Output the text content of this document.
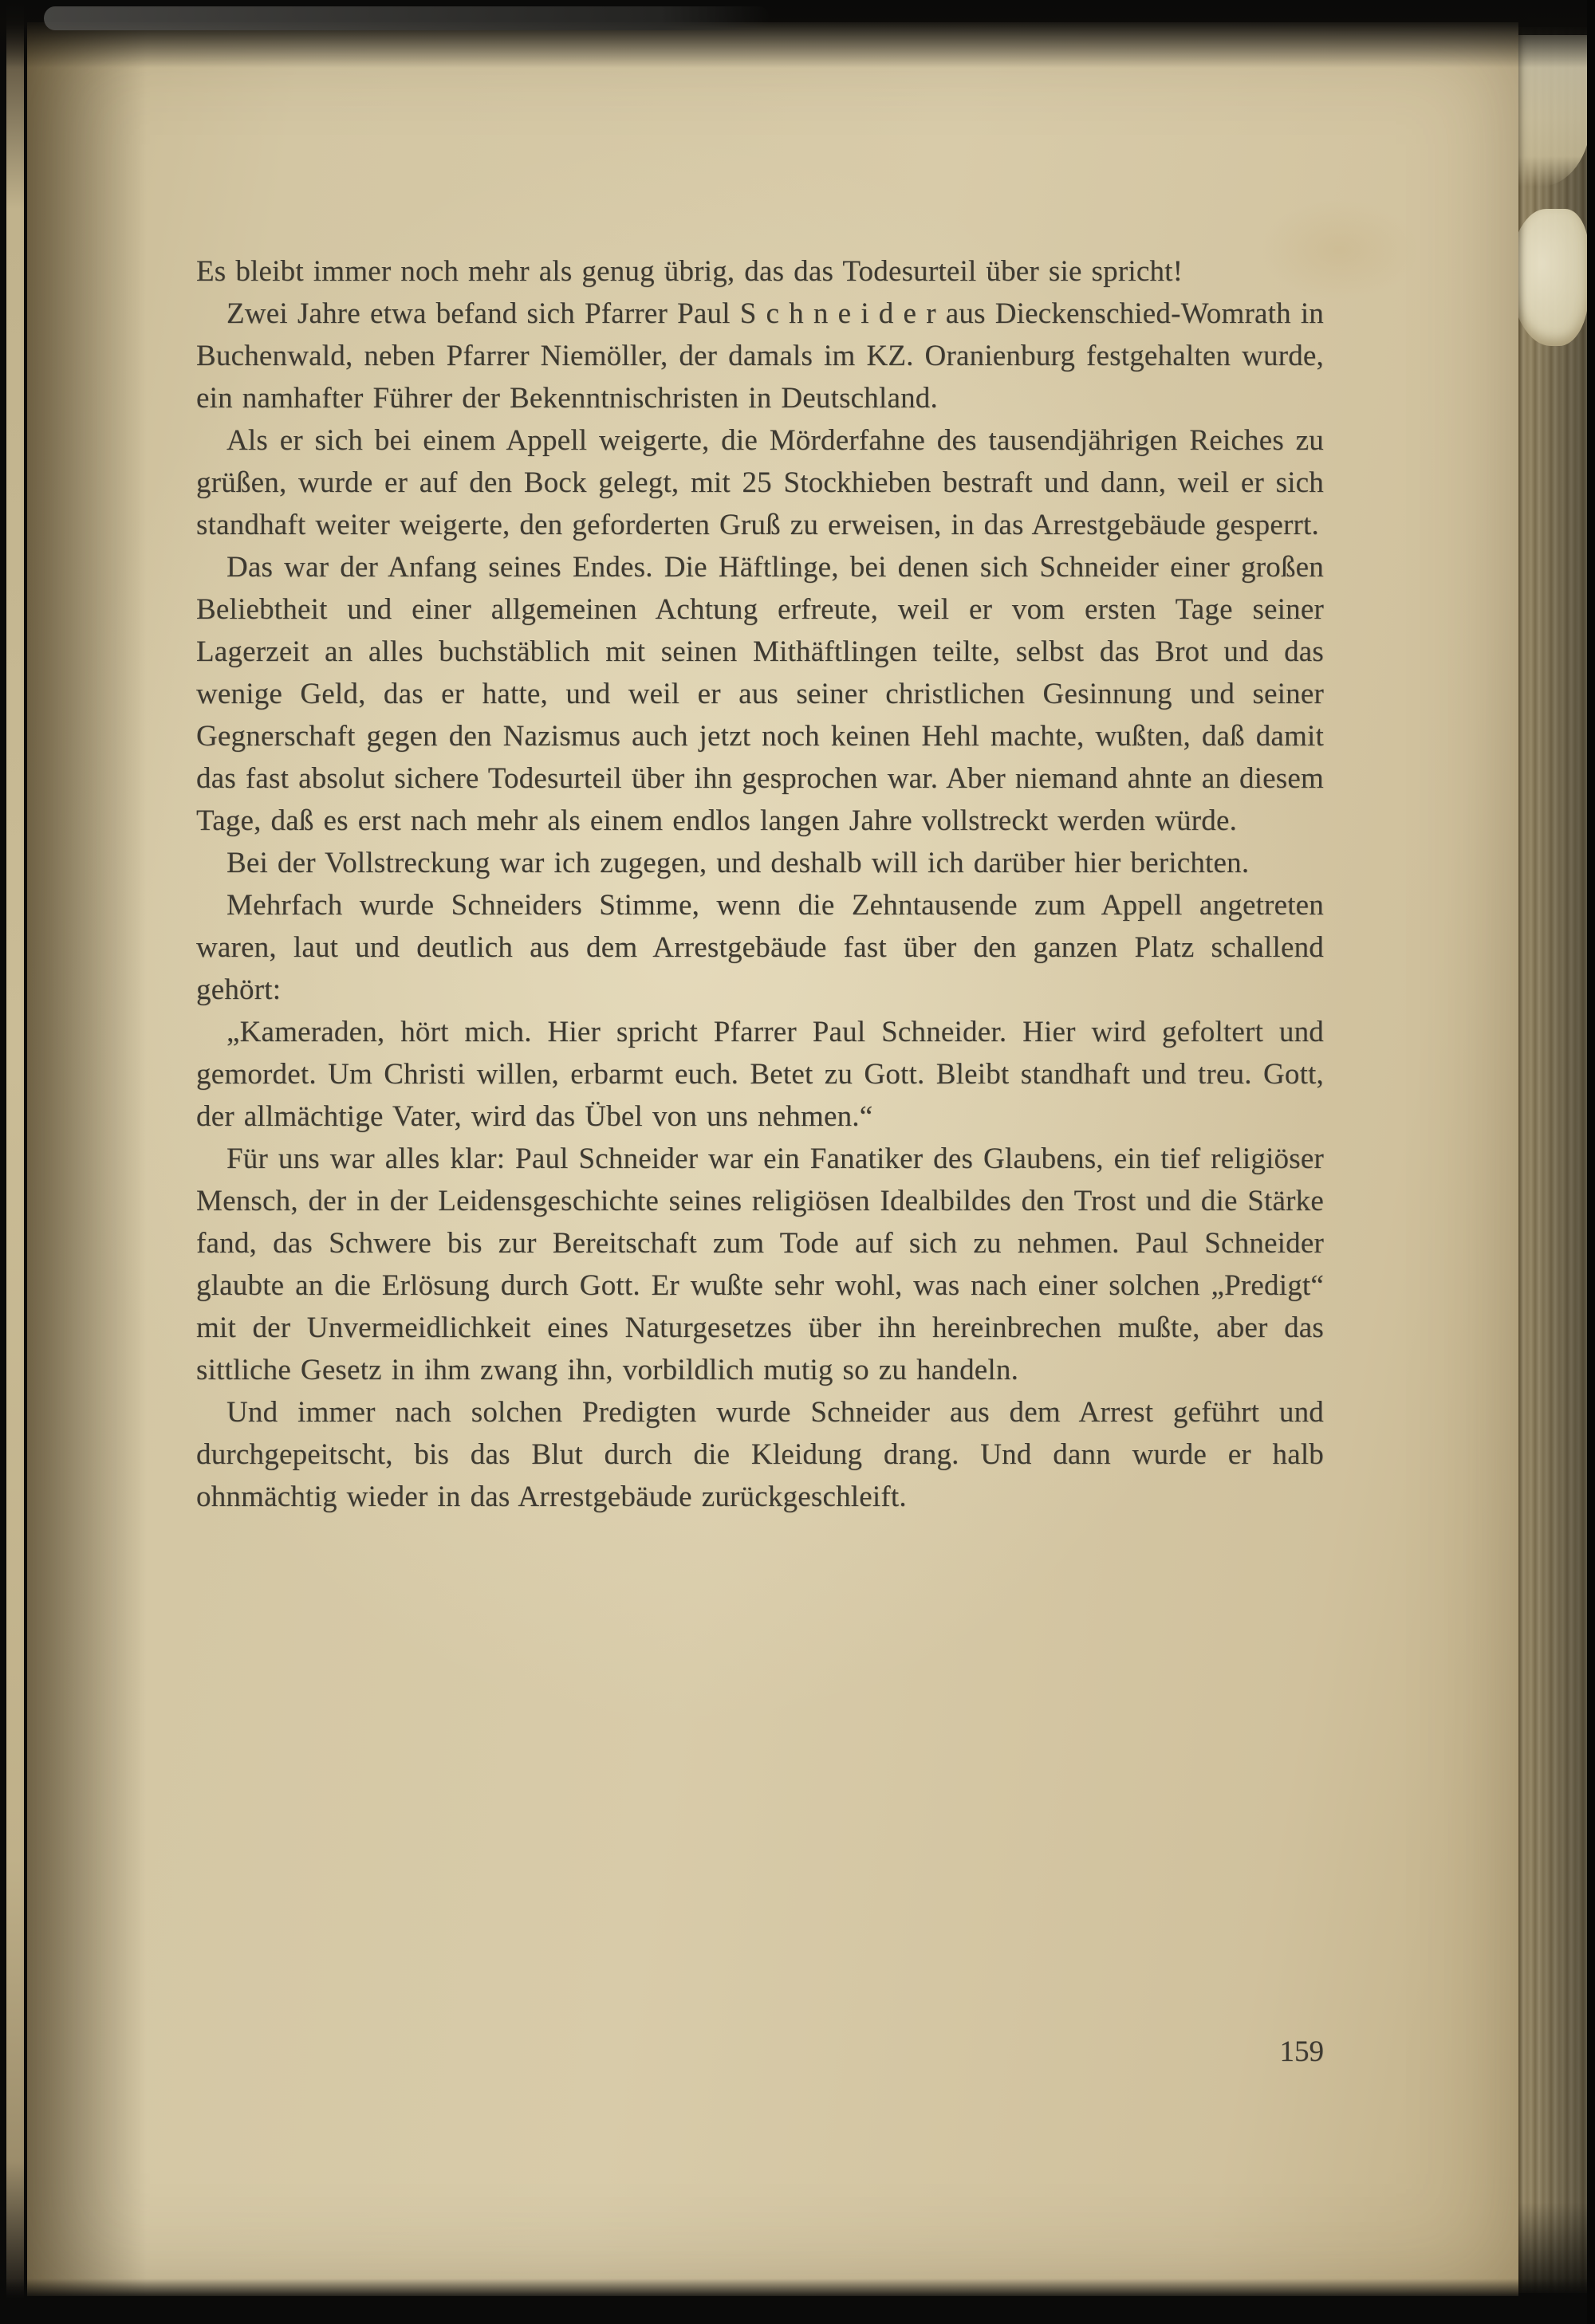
Es bleibt immer noch mehr als genug übrig, das das Todesurteil über sie spricht!

Zwei Jahre etwa befand sich Pfarrer Paul S c h n e i d e r aus Dieckenschied-Womrath in Buchenwald, neben Pfarrer Niemöller, der damals im KZ. Oranienburg festgehalten wurde, ein namhafter Führer der Bekenntnischristen in Deutschland.

Als er sich bei einem Appell weigerte, die Mörderfahne des tausendjährigen Reiches zu grüßen, wurde er auf den Bock gelegt, mit 25 Stockhieben bestraft und dann, weil er sich standhaft weiter weigerte, den geforderten Gruß zu erweisen, in das Arrestgebäude gesperrt.

Das war der Anfang seines Endes. Die Häftlinge, bei denen sich Schneider einer großen Beliebtheit und einer allgemeinen Achtung erfreute, weil er vom ersten Tage seiner Lagerzeit an alles buchstäblich mit seinen Mithäftlingen teilte, selbst das Brot und das wenige Geld, das er hatte, und weil er aus seiner christlichen Gesinnung und seiner Gegnerschaft gegen den Nazismus auch jetzt noch keinen Hehl machte, wußten, daß damit das fast absolut sichere Todesurteil über ihn gesprochen war. Aber niemand ahnte an diesem Tage, daß es erst nach mehr als einem endlos langen Jahre vollstreckt werden würde.

Bei der Vollstreckung war ich zugegen, und deshalb will ich darüber hier berichten.

Mehrfach wurde Schneiders Stimme, wenn die Zehntausende zum Appell angetreten waren, laut und deutlich aus dem Arrestgebäude fast über den ganzen Platz schallend gehört:

„Kameraden, hört mich. Hier spricht Pfarrer Paul Schneider. Hier wird gefoltert und gemordet. Um Christi willen, erbarmt euch. Betet zu Gott. Bleibt standhaft und treu. Gott, der allmächtige Vater, wird das Übel von uns nehmen.“

Für uns war alles klar: Paul Schneider war ein Fanatiker des Glaubens, ein tief religiöser Mensch, der in der Leidensgeschichte seines religiösen Idealbildes den Trost und die Stärke fand, das Schwere bis zur Bereitschaft zum Tode auf sich zu nehmen. Paul Schneider glaubte an die Erlösung durch Gott. Er wußte sehr wohl, was nach einer solchen „Predigt“ mit der Unvermeidlichkeit eines Naturgesetzes über ihn hereinbrechen mußte, aber das sittliche Gesetz in ihm zwang ihn, vorbildlich mutig so zu handeln.

Und immer nach solchen Predigten wurde Schneider aus dem Arrest geführt und durchgepeitscht, bis das Blut durch die Kleidung drang. Und dann wurde er halb ohnmächtig wieder in das Arrestgebäude zurückgeschleift.

159
